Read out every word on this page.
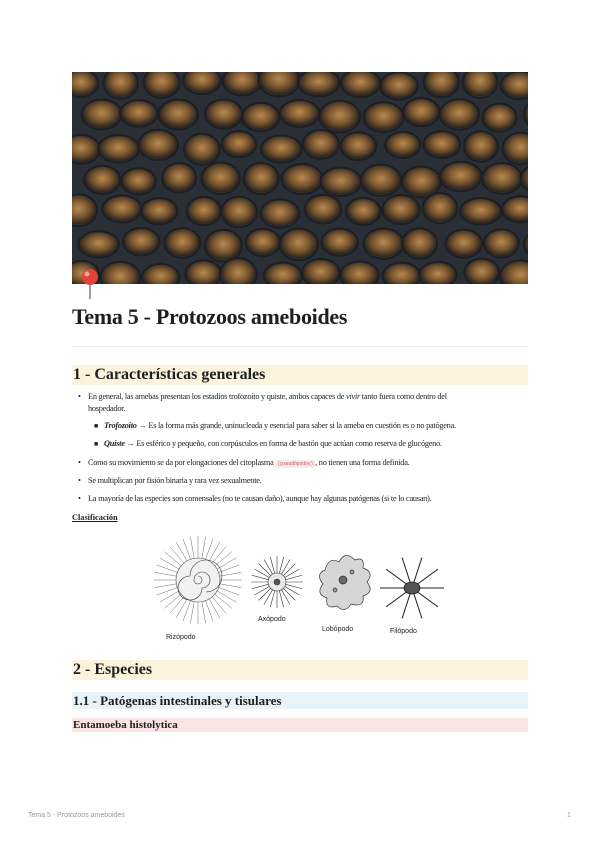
Tema 5 - Protozoos ameboides
1 - Características generales
• En general, las amebas presentan los estadios trofozoíto y quiste, ambos capaces de vivir tanto fuera como dentro del
hospedador.
■ Trofozoíto → Es la forma más grande, uninucleada y esencial para saber si la ameba en cuestión es o no patógena.
■ Quiste → Es esférico y pequeño, con corpúsculos en forma de bastón que actúan como reserva de glucógeno.
• Como su movimiento se da por elongaciones del citoplasma (pseudópodos) , no tienen una forma definida.
• Se multiplican por fisión binaria y rara vez sexualmente.
• La mayoría de las especies son comensales (no te causan daño), aunque hay algunas patógenas (si te lo causan).
Clasificación
Rizópodo
Axópodo
Lobópodo	Filópodo
2 - Especies
1.1 - Patógenas intestinales y tisulares
Entamoeba histolytica
Tema 5 - Protozoos ameboides	1
